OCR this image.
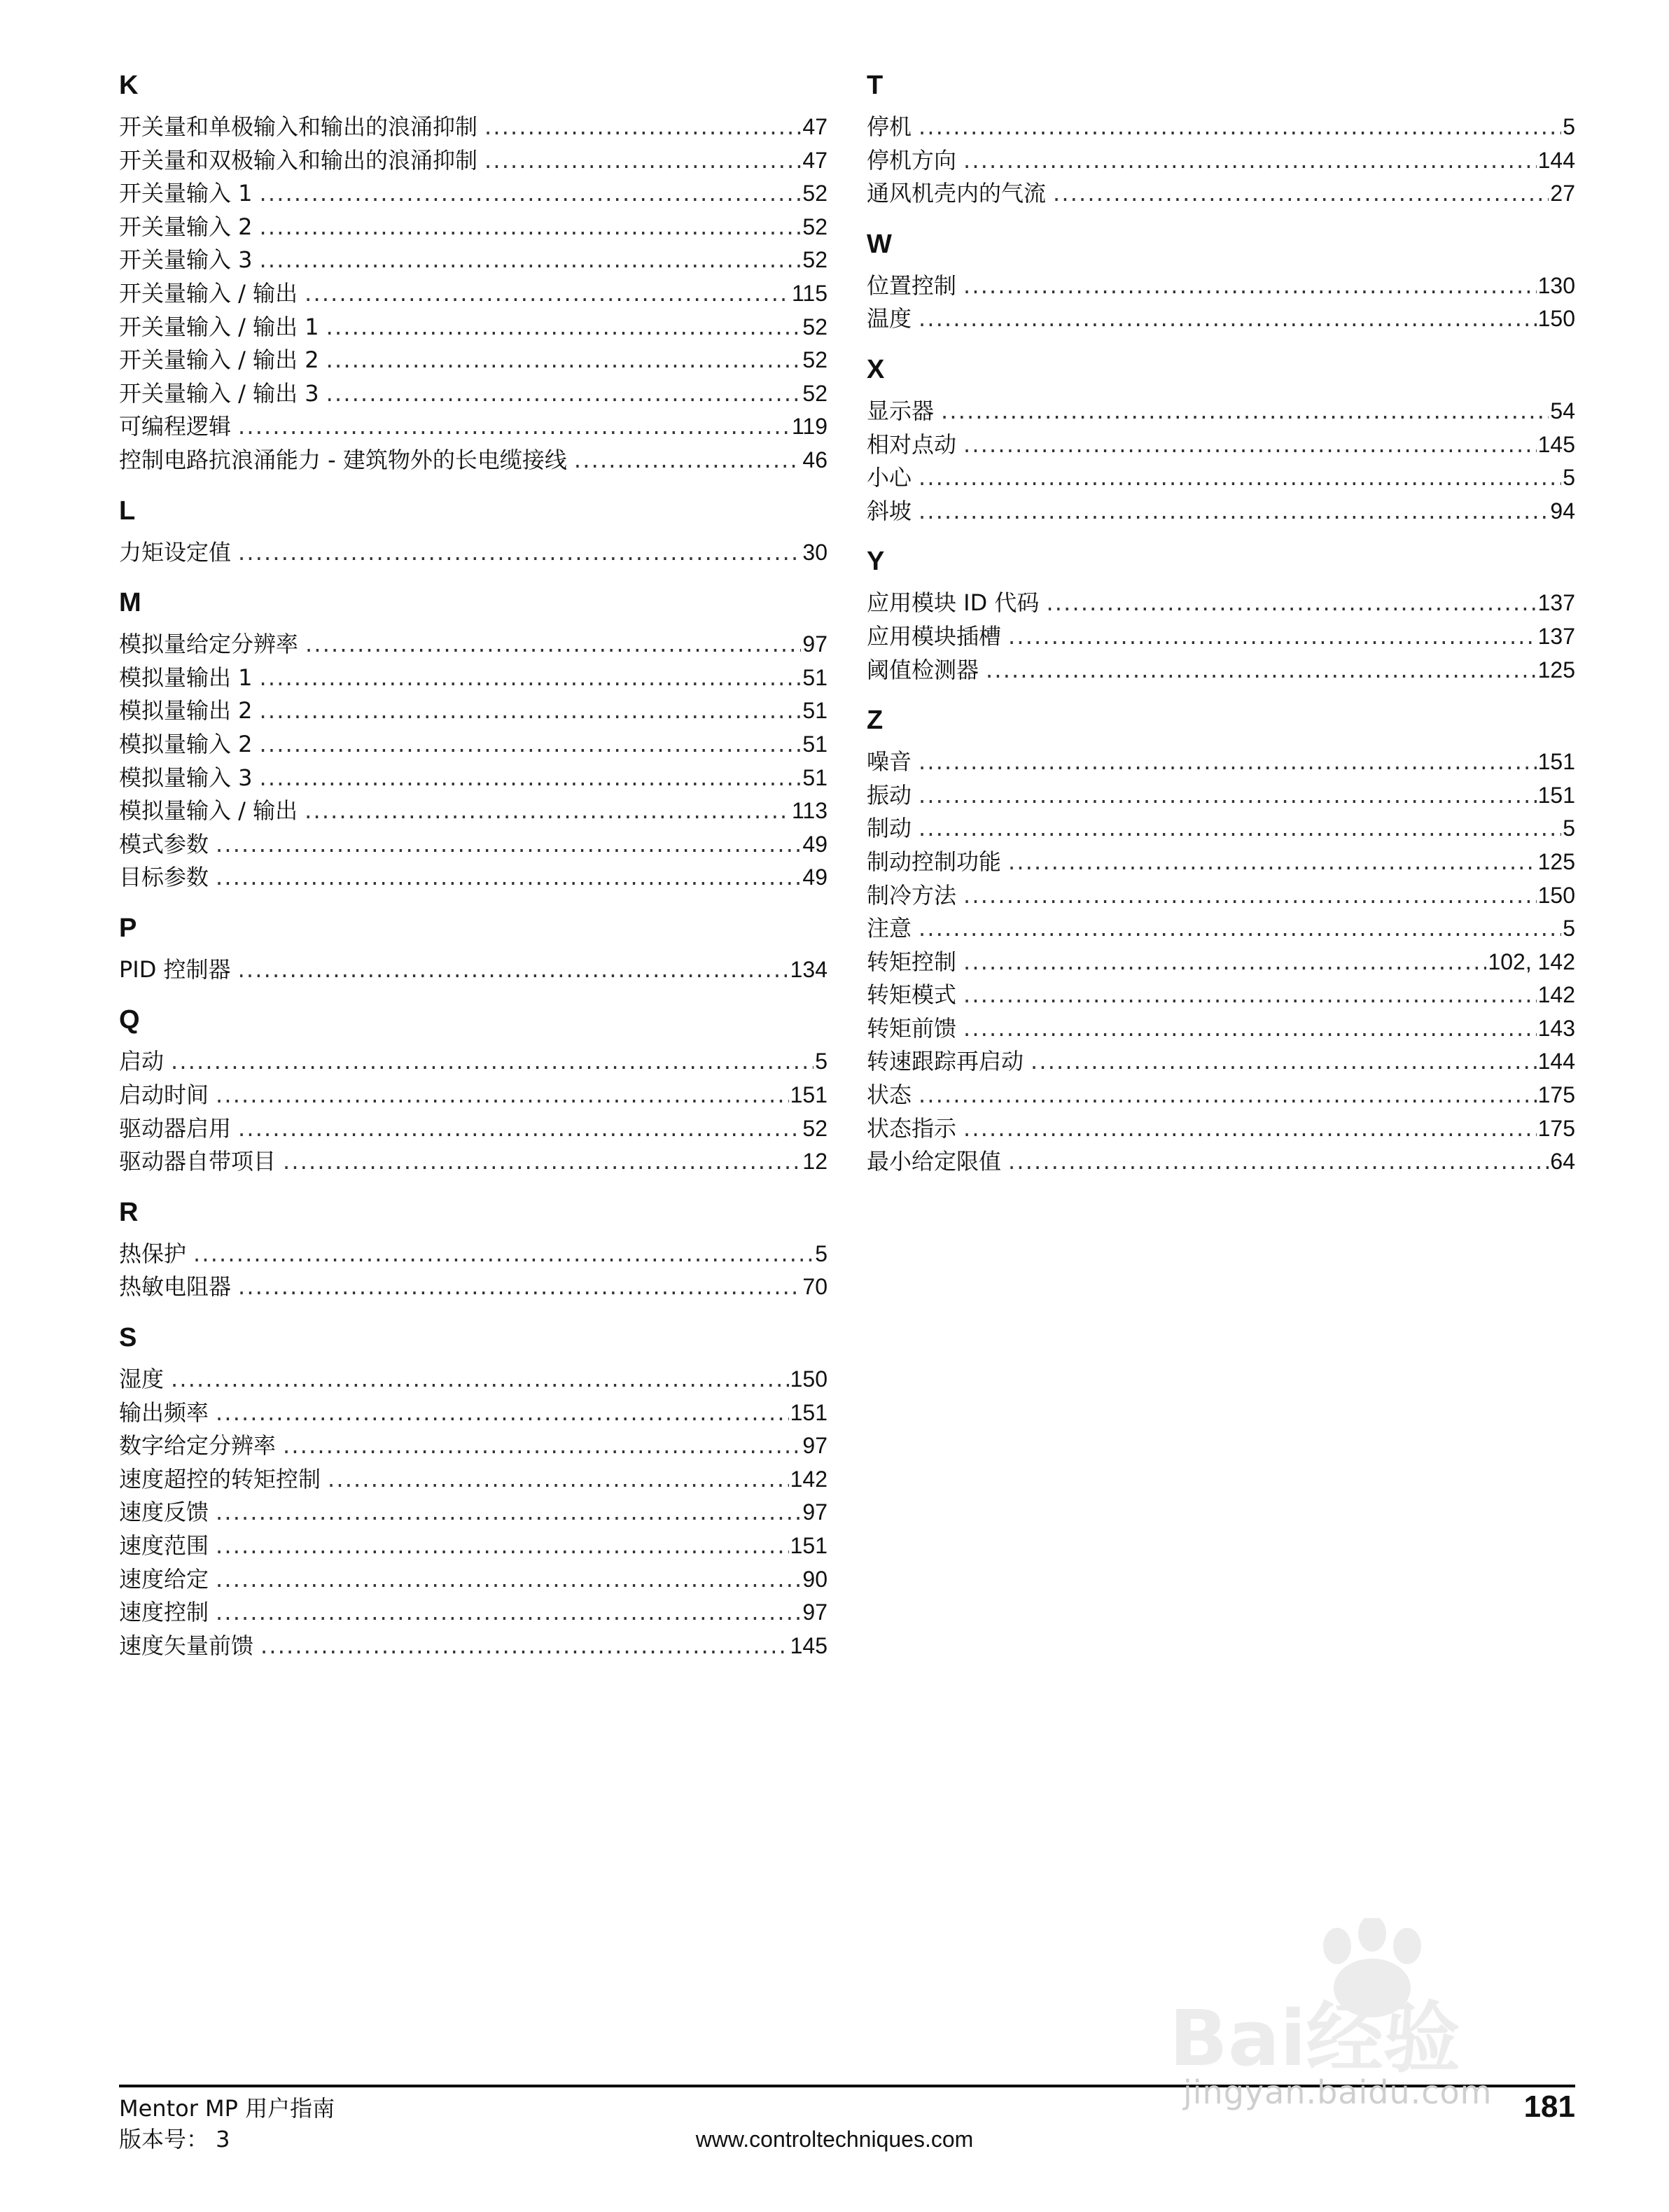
K
开关量和单极输入和输出的浪涌抑制 . . .	47
开关量和双极输入和输出的浪涌抑制 . . .	47
开关量输入 1 . . .	52
开关量输入 2 . . .	52
开关量输入 3 . . .	52
开关量输入 / 输出 . . .	115
开关量输入 / 输出 1 . . .	52
开关量输入 / 输出 2 . . .	52
开关量输入 / 输出 3 . . .	52
可编程逻辑 . . .	119
控制电路抗浪涌能力 - 建筑物外的长电缆接线 . . .	46
L
力矩设定值 . . .	30
M
模拟量给定分辨率 . . .	97
模拟量输出 1 . . .	51
模拟量输出 2 . . .	51
模拟量输入 2 . . .	51
模拟量输入 3 . . .	51
模拟量输入 / 输出 . . .	113
模式参数 . . .	49
目标参数 . . .	49
P
PID 控制器 . . .	134
Q
启动 . . .	5
启动时间 . . .	151
驱动器启用 . . .	52
驱动器自带项目 . . .	12
R
热保护 . . .	5
热敏电阻器 . . .	70
S
湿度 . . .	150
输出频率 . . .	151
数字给定分辨率 . . .	97
速度超控的转矩控制 . . .	142
速度反馈 . . .	97
速度范围 . . .	151
速度给定 . . .	90
速度控制 . . .	97
速度矢量前馈 . . .	145
T
停机 . . .	5
停机方向 . . .	144
通风机壳内的气流 . . .	27
W
位置控制 . . .	130
温度 . . .	150
X
显示器 . . .	54
相对点动 . . .	145
小心 . . .	5
斜坡 . . .	94
Y
应用模块 ID 代码 . . .	137
应用模块插槽 . . .	137
阈值检测器 . . .	125
Z
噪音 . . .	151
振动 . . .	151
制动 . . .	5
制动控制功能 . . .	125
制冷方法 . . .	150
注意 . . .	5
转矩控制 . . .	102, 142
转矩模式 . . .	142
转矩前馈 . . .	143
转速跟踪再启动 . . .	144
状态 . . .	175
状态指示 . . .	175
最小给定限值 . . .	64
Mentor MP 用户指南
版本号： 3	www.controltechniques.com
181
Bai经验
jingyan.baidu.com
